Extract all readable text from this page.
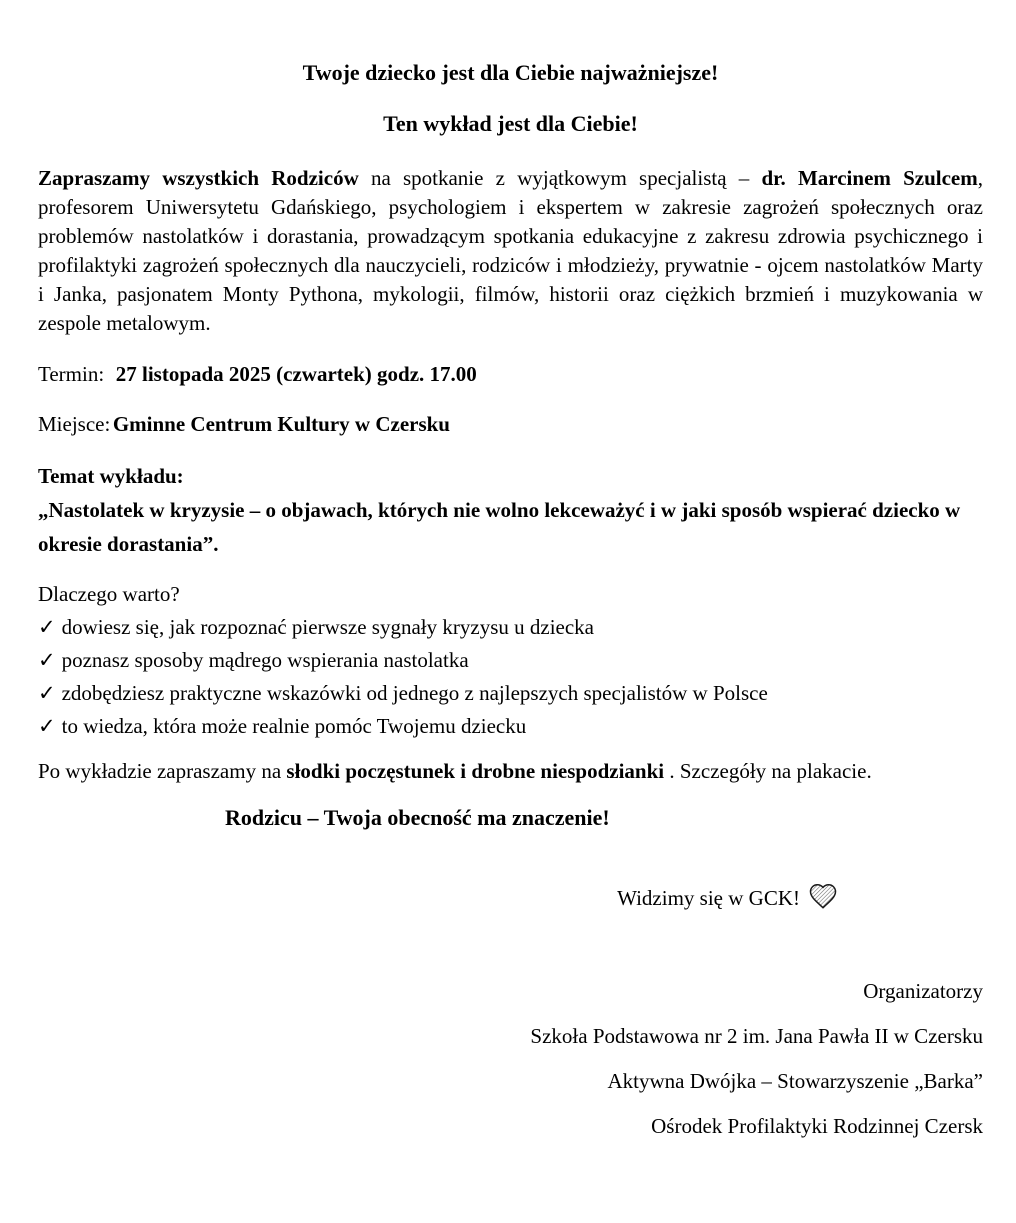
Twoje dziecko jest dla Ciebie najważniejsze!
Ten wykład jest dla Ciebie!

Zapraszamy wszystkich Rodziców na spotkanie z wyjątkowym specjalistą – dr. Marcinem Szulcem, profesorem Uniwersytetu Gdańskiego, psychologiem i ekspertem w zakresie zagrożeń społecznych oraz problemów nastolatków i dorastania, prowadzącym spotkania edukacyjne z zakresu zdrowia psychicznego i profilaktyki zagrożeń społecznych dla nauczycieli, rodziców i młodzieży, prywatnie - ojcem nastolatków Marty i Janka, pasjonatem Monty Pythona, mykologii, filmów, historii oraz ciężkich brzmień i muzykowania w zespole metalowym.

Termin: 27 listopada 2025 (czwartek) godz. 17.00

Miejsce: Gminne Centrum Kultury w Czersku

Temat wykładu:
„Nastolatek w kryzysie – o objawach, których nie wolno lekceważyć i w jaki sposób wspierać dziecko w okresie dorastania”.
Dlaczego warto?
✓ dowiesz się, jak rozpoznać pierwsze sygnały kryzysu u dziecka
✓ poznasz sposoby mądrego wspierania nastolatka
✓ zdobędziesz praktyczne wskazówki od jednego z najlepszych specjalistów w Polsce
✓ to wiedza, która może realnie pomóc Twojemu dziecku

Po wykładzie zapraszamy na słodki poczęstunek i drobne niespodzianki . Szczegóły na plakacie.

Rodzicu – Twoja obecność ma znaczenie!

Widzimy się w GCK!

Organizatorzy
Szkoła Podstawowa nr 2 im. Jana Pawła II w Czersku
Aktywna Dwójka – Stowarzyszenie „Barka”
Ośrodek Profilaktyki Rodzinnej Czersk
